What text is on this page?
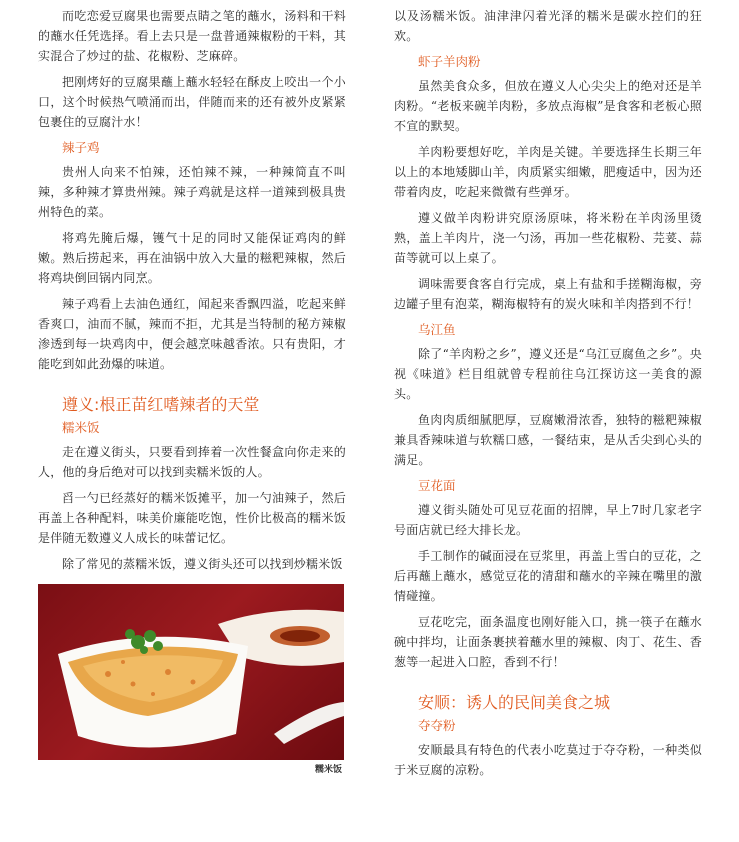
而吃恋爱豆腐果也需要点睛之笔的蘸水，汤料和干料的蘸水任凭选择。看上去只是一盘普通辣椒粉的干料，其实混合了炒过的盐、花椒粉、芝麻碎。

把刚烤好的豆腐果蘸上蘸水轻轻在酥皮上咬出一个小口，这个时候热气喷涌而出，伴随而来的还有被外皮紧紧包裹住的豆腐汁水！

辣子鸡

贵州人向来不怕辣，还怕辣不辣，一种辣简直不叫辣，多种辣才算贵州辣。辣子鸡就是这样一道辣到极具贵州特色的菜。

将鸡先腌后爆，镬气十足的同时又能保证鸡肉的鲜嫩。熟后捞起来，再在油锅中放入大量的糍粑辣椒，然后将鸡块倒回锅内同烹。

辣子鸡看上去油色通红，闻起来香飘四溢，吃起来鲜香爽口，油而不腻，辣而不拒，尤其是当特制的秘方辣椒渗透到每一块鸡肉中，便会越烹味越香浓。只有贵阳，才能吃到如此劲爆的味道。

遵义:根正苗红嗜辣者的天堂
糯米饭

走在遵义街头，只要看到捧着一次性餐盒向你走来的人，他的身后绝对可以找到卖糯米饭的人。

舀一勺已经蒸好的糯米饭摊平，加一勺油辣子，然后再盖上各种配料，味美价廉能吃饱，性价比极高的糯米饭是伴随无数遵义人成长的味蕾记忆。

除了常见的蒸糯米饭，遵义街头还可以找到炒糯米饭

糯米饭

以及汤糯米饭。油津津闪着光泽的糯米是碳水控们的狂欢。

虾子羊肉粉

虽然美食众多，但放在遵义人心尖尖上的绝对还是羊肉粉。“老板来碗羊肉粉，多放点海椒”是食客和老板心照不宣的默契。

羊肉粉要想好吃，羊肉是关键。羊要选择生长期三年以上的本地矮脚山羊，肉质紧实细嫩，肥瘦适中，因为还带着肉皮，吃起来微微有些弹牙。

遵义做羊肉粉讲究原汤原味，将米粉在羊肉汤里烫熟，盖上羊肉片，浇一勺汤，再加一些花椒粉、芫荽、蒜苗等就可以上桌了。

调味需要食客自行完成，桌上有盐和手搓糊海椒，旁边罐子里有泡菜，糊海椒特有的炭火味和羊肉搭到不行！

乌江鱼

除了“羊肉粉之乡”，遵义还是“乌江豆腐鱼之乡”。央视《味道》栏目组就曾专程前往乌江探访这一美食的源头。

鱼肉肉质细腻肥厚，豆腐嫩滑浓香，独特的糍粑辣椒兼具香辣味道与软糯口感，一餐结束，是从舌尖到心头的满足。

豆花面

遵义街头随处可见豆花面的招牌，早上7时几家老字号面店就已经大排长龙。

手工制作的碱面浸在豆浆里，再盖上雪白的豆花，之后再蘸上蘸水，感觉豆花的清甜和蘸水的辛辣在嘴里的激情碰撞。

豆花吃完，面条温度也刚好能入口，挑一筷子在蘸水碗中拌均，让面条裹挟着蘸水里的辣椒、肉丁、花生、香葱等一起进入口腔，香到不行！

安顺：诱人的民间美食之城
夺夺粉

安顺最具有特色的代表小吃莫过于夺夺粉，一种类似于米豆腐的凉粉。
